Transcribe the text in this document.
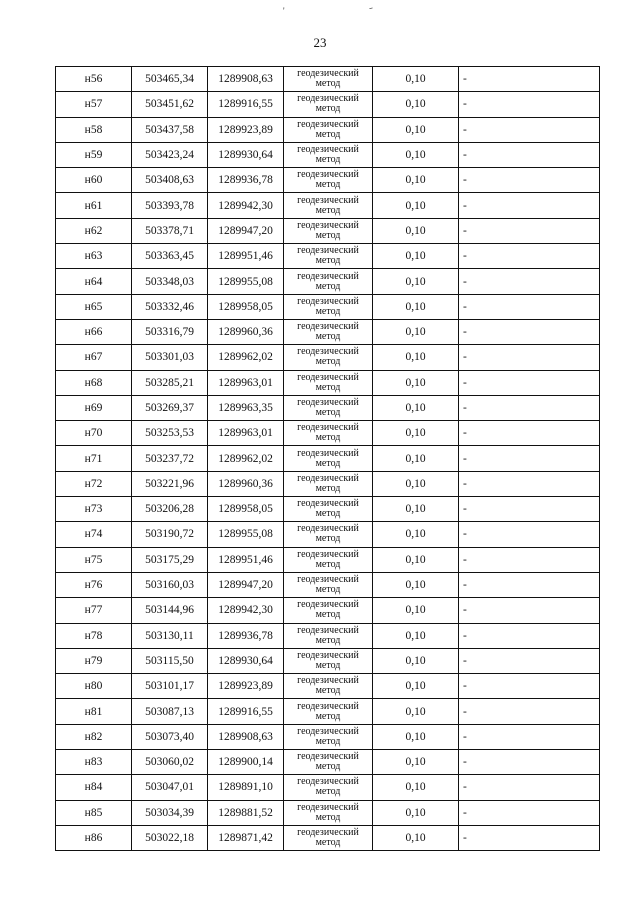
'
23
н56	503465,34	1289908,63	геодезический метод	0,10	-
н57	503451,62	1289916,55	геодезический метод	0,10	-
н58	503437,58	1289923,89	геодезический метод	0,10	-
н59	503423,24	1289930,64	геодезический метод	0,10	-
н60	503408,63	1289936,78	геодезический метод	0,10	-
н61	503393,78	1289942,30	геодезический метод	0,10	-
н62	503378,71	1289947,20	геодезический метод	0,10	-
н63	503363,45	1289951,46	геодезический метод	0,10	-
н64	503348,03	1289955,08	геодезический метод	0,10	-
н65	503332,46	1289958,05	геодезический метод	0,10	-
н66	503316,79	1289960,36	геодезический метод	0,10	-
н67	503301,03	1289962,02	геодезический метод	0,10	-
н68	503285,21	1289963,01	геодезический метод	0,10	-
н69	503269,37	1289963,35	геодезический метод	0,10	-
н70	503253,53	1289963,01	геодезический метод	0,10	-
н71	503237,72	1289962,02	геодезический метод	0,10	-
н72	503221,96	1289960,36	геодезический метод	0,10	-
н73	503206,28	1289958,05	геодезический метод	0,10	-
н74	503190,72	1289955,08	геодезический метод	0,10	-
н75	503175,29	1289951,46	геодезический метод	0,10	-
н76	503160,03	1289947,20	геодезический метод	0,10	-
н77	503144,96	1289942,30	геодезический метод	0,10	-
н78	503130,11	1289936,78	геодезический метод	0,10	-
н79	503115,50	1289930,64	геодезический метод	0,10	-
н80	503101,17	1289923,89	геодезический метод	0,10	-
н81	503087,13	1289916,55	геодезический метод	0,10	-
н82	503073,40	1289908,63	геодезический метод	0,10	-
н83	503060,02	1289900,14	геодезический метод	0,10	-
н84	503047,01	1289891,10	геодезический метод	0,10	-
н85	503034,39	1289881,52	геодезический метод	0,10	-
н86	503022,18	1289871,42	геодезический метод	0,10	-
